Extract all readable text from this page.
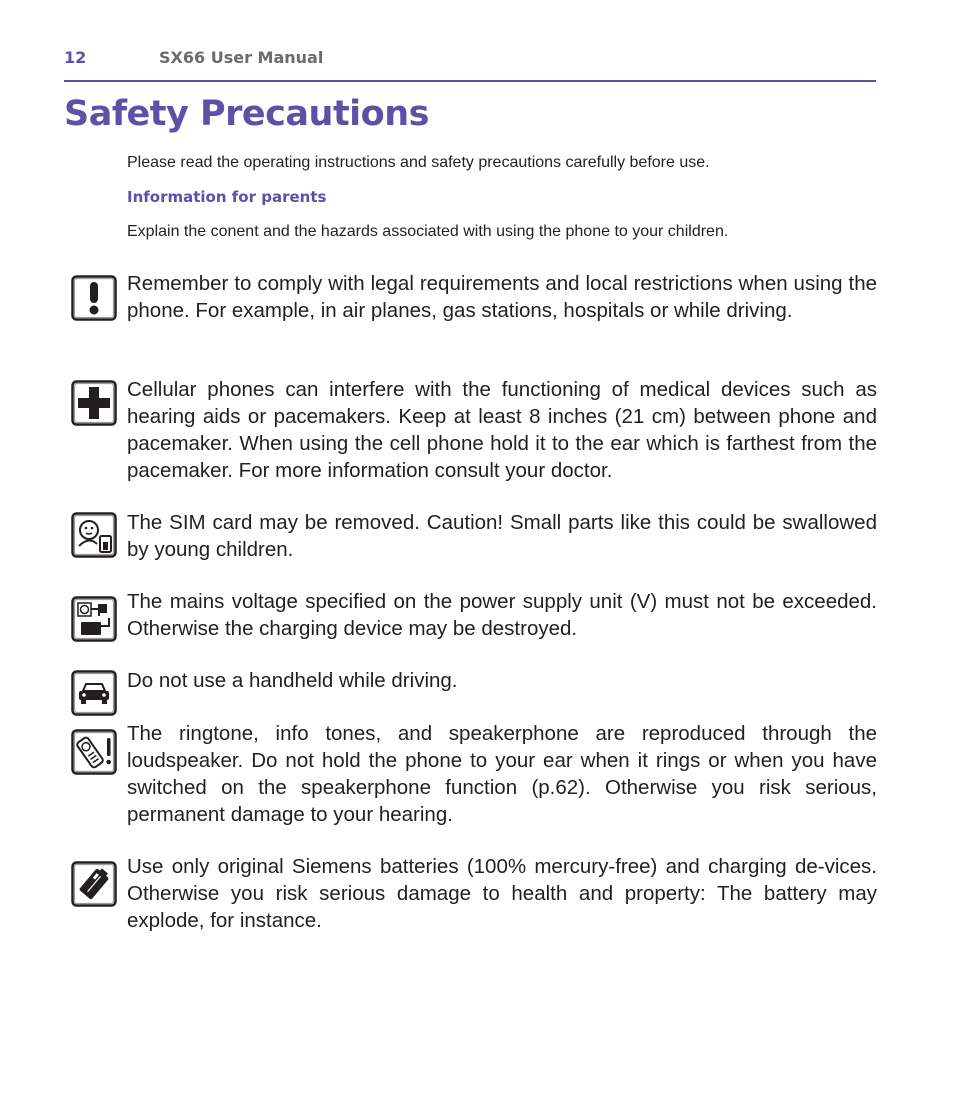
12	SX66 User Manual
Safety Precautions
Please read the operating instructions and safety precautions carefully before use.
Information for parents
Explain the conent and the hazards associated with using the phone to your children.

Remember to comply with legal requirements and local restrictions when using the phone. For example, in air planes, gas stations, hospitals or while driving.

Cellular phones can interfere with the functioning of medical devices such as hearing aids or pacemakers. Keep at least 8 inches (21 cm) between phone and pacemaker. When using the cell phone hold it to the ear which is farthest from the pacemaker. For more information consult your doctor.

The SIM card may be removed. Caution! Small parts like this could be swallowed by young children.

The mains voltage specified on the power supply unit (V) must not be exceeded. Otherwise the charging device may be destroyed.

Do not use a handheld while driving.

The ringtone, info tones, and speakerphone are reproduced through the loudspeaker. Do not hold the phone to your ear when it rings or when you have switched on the speakerphone function (p.62). Otherwise you risk serious, permanent damage to your hearing.

Use only original Siemens batteries (100% mercury-free) and charging de-vices. Otherwise you risk serious damage to health and property: The battery may explode, for instance.
